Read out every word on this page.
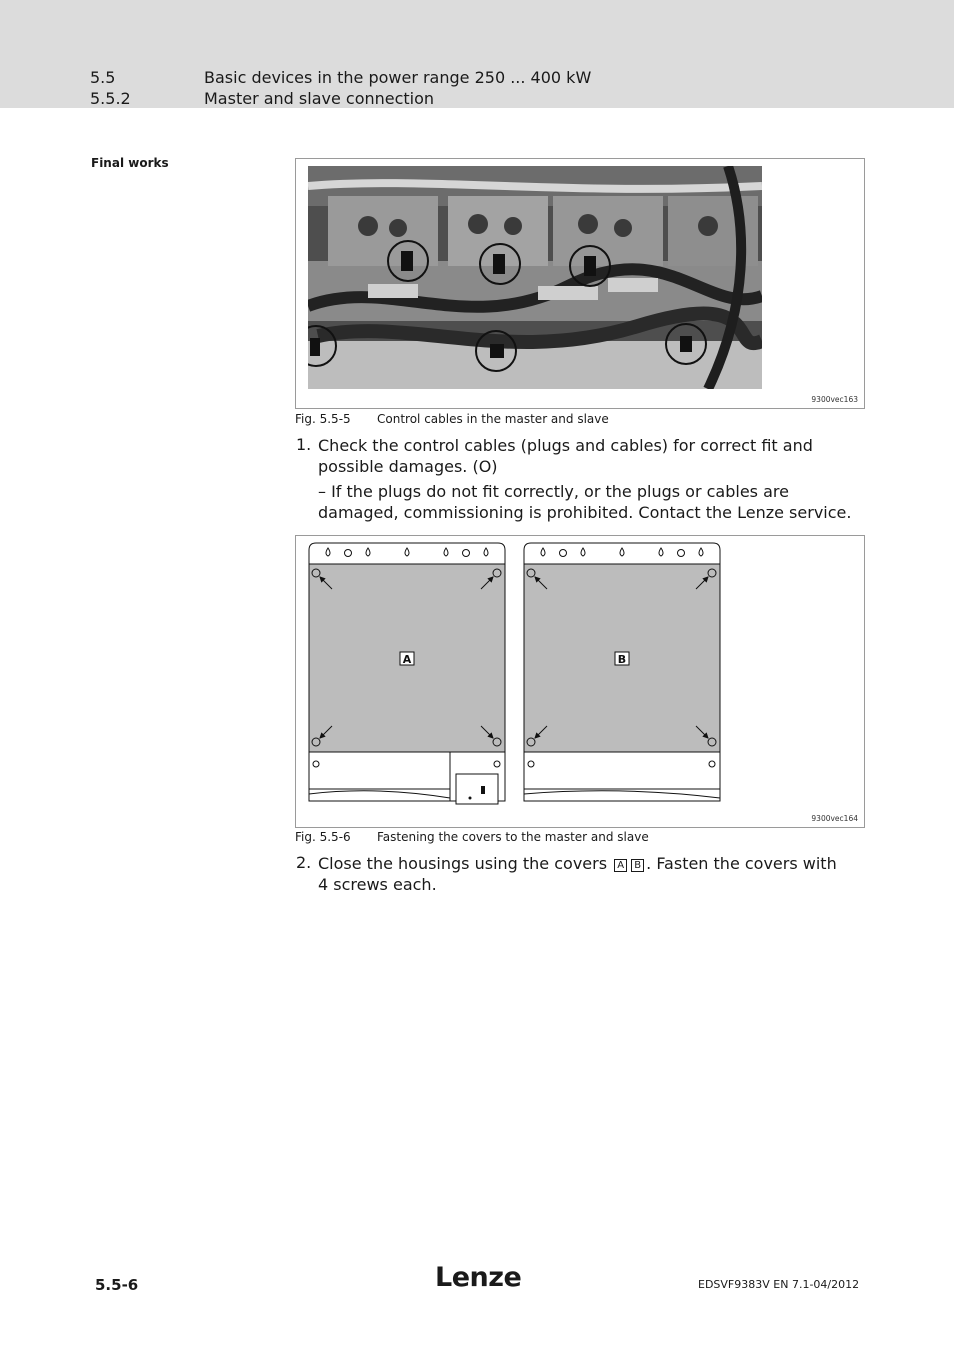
5.5	Basic devices in the power range 250 ... 400 kW
5.5.2	Master and slave connection
Final works
9300vec163
Fig. 5.5-5 Control cables in the master and slave
1. Check the control cables (plugs and cables) for correct fit and possible damages. (O)
– If the plugs do not fit correctly, or the plugs or cables are damaged, commissioning is prohibited. Contact the Lenze service.
A	B
9300vec164
Fig. 5.5-6 Fastening the covers to the master and slave
2. Close the housings using the covers A B . Fasten the covers with 4 screws each.
5.5-6	Lenze	EDSVF9383V EN 7.1-04/2012
